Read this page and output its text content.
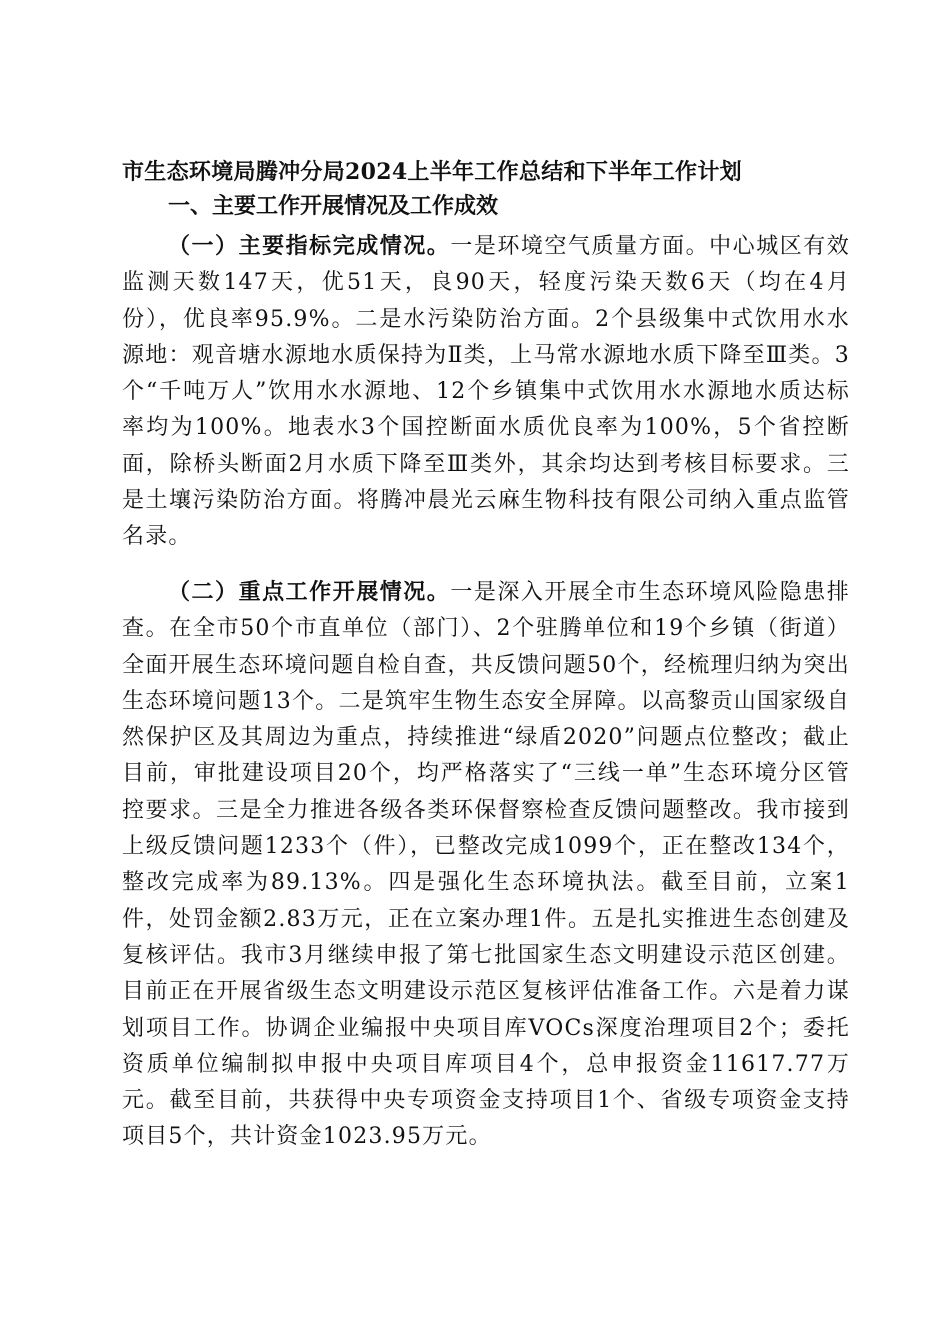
市生态环境局腾冲分局2024上半年工作总结和下半年工作计划
一、主要工作开展情况及工作成效

（一）主要指标完成情况。一是环境空气质量方面。中心城区有效监测天数147天，优51天，良90天，轻度污染天数6天（均在4月份），优良率95.9%。二是水污染防治方面。2个县级集中式饮用水水源地：观音塘水源地水质保持为Ⅱ类，上马常水源地水质下降至Ⅲ类。3个“千吨万人”饮用水水源地、12个乡镇集中式饮用水水源地水质达标率均为100%。地表水3个国控断面水质优良率为100%，5个省控断面，除桥头断面2月水质下降至Ⅲ类外，其余均达到考核目标要求。三是土壤污染防治方面。将腾冲晨光云麻生物科技有限公司纳入重点监管名录。

（二）重点工作开展情况。一是深入开展全市生态环境风险隐患排查。在全市50个市直单位（部门）、2个驻腾单位和19个乡镇（街道）全面开展生态环境问题自检自查，共反馈问题50个，经梳理归纳为突出生态环境问题13个。二是筑牢生物生态安全屏障。以高黎贡山国家级自然保护区及其周边为重点，持续推进“绿盾2020”问题点位整改；截止目前，审批建设项目20个，均严格落实了“三线一单”生态环境分区管控要求。三是全力推进各级各类环保督察检查反馈问题整改。我市接到上级反馈问题1233个（件），已整改完成1099个，正在整改134个，整改完成率为89.13%。四是强化生态环境执法。截至目前，立案1件，处罚金额2.83万元，正在立案办理1件。五是扎实推进生态创建及复核评估。我市3月继续申报了第七批国家生态文明建设示范区创建。目前正在开展省级生态文明建设示范区复核评估准备工作。六是着力谋划项目工作。协调企业编报中央项目库VOCs深度治理项目2个；委托资质单位编制拟申报中央项目库项目4个，总申报资金11617.77万元。截至目前，共获得中央专项资金支持项目1个、省级专项资金支持项目5个，共计资金1023.95万元。
